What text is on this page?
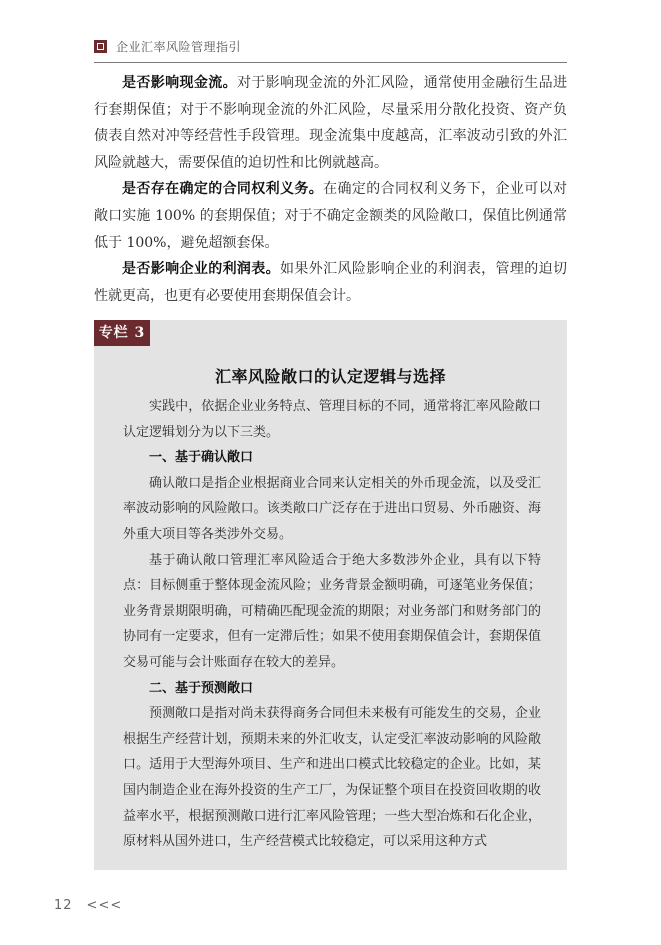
企业汇率风险管理指引

是否影响现金流。对于影响现金流的外汇风险，通常使用金融衍生品进行套期保值；对于不影响现金流的外汇风险，尽量采用分散化投资、资产负债表自然对冲等经营性手段管理。现金流集中度越高，汇率波动引致的外汇风险就越大，需要保值的迫切性和比例就越高。

是否存在确定的合同权利义务。在确定的合同权利义务下，企业可以对敞口实施 100% 的套期保值；对于不确定金额类的风险敞口，保值比例通常低于 100%，避免超额套保。

是否影响企业的利润表。如果外汇风险影响企业的利润表，管理的迫切性就更高，也更有必要使用套期保值会计。

专栏 3
汇率风险敞口的认定逻辑与选择

实践中，依据企业业务特点、管理目标的不同，通常将汇率风险敞口认定逻辑划分为以下三类。

一、基于确认敞口

确认敞口是指企业根据商业合同来认定相关的外币现金流，以及受汇率波动影响的风险敞口。该类敞口广泛存在于进出口贸易、外币融资、海外重大项目等各类涉外交易。

基于确认敞口管理汇率风险适合于绝大多数涉外企业，具有以下特点：目标侧重于整体现金流风险；业务背景金额明确，可逐笔业务保值；业务背景期限明确，可精确匹配现金流的期限；对业务部门和财务部门的协同有一定要求，但有一定滞后性；如果不使用套期保值会计，套期保值交易可能与会计账面存在较大的差异。

二、基于预测敞口

预测敞口是指对尚未获得商务合同但未来极有可能发生的交易，企业根据生产经营计划，预期未来的外汇收支，认定受汇率波动影响的风险敞口。适用于大型海外项目、生产和进出口模式比较稳定的企业。比如，某国内制造企业在海外投资的生产工厂，为保证整个项目在投资回收期的收益率水平，根据预测敞口进行汇率风险管理；一些大型冶炼和石化企业，原材料从国外进口，生产经营模式比较稳定，可以采用这种方式

12 <<<
